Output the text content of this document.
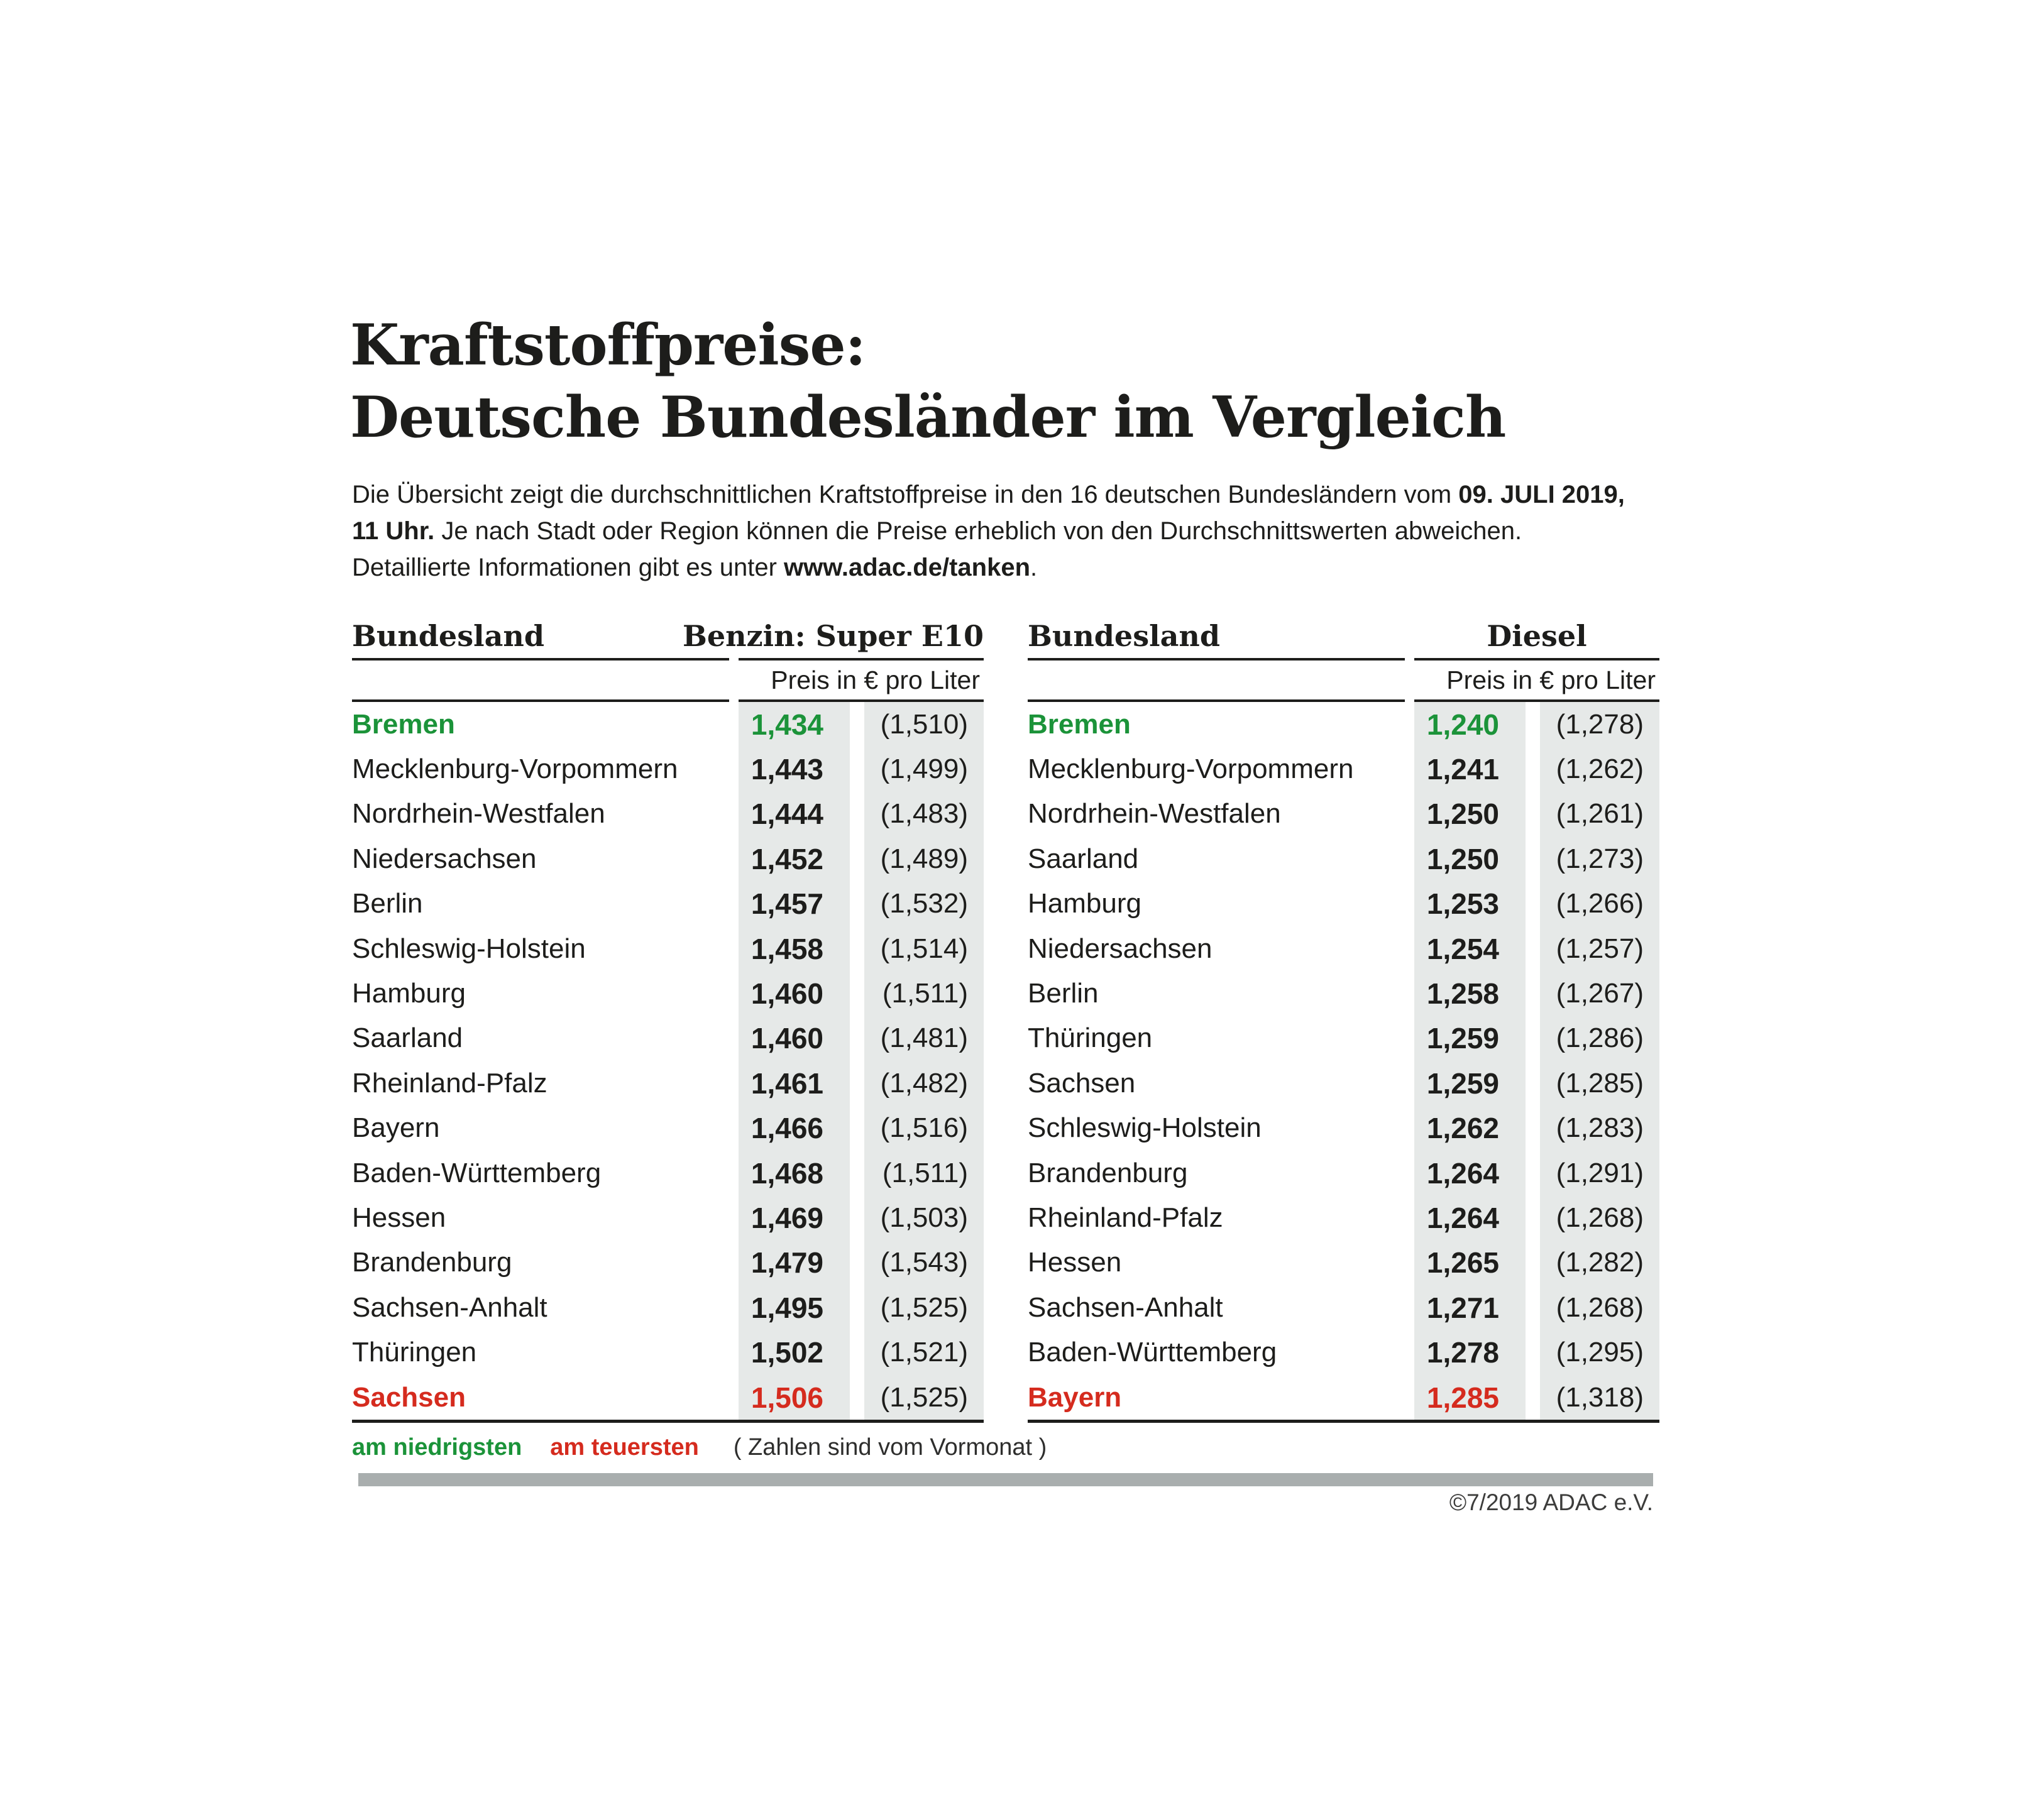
Kraftstoffpreise:
Deutsche Bundesländer im Vergleich

Die Übersicht zeigt die durchschnittlichen Kraftstoffpreise in den 16 deutschen Bundesländern vom 09. JULI 2019,
11 Uhr. Je nach Stadt oder Region können die Preise erheblich von den Durchschnittswerten abweichen.
Detaillierte Informationen gibt es unter www.adac.de/tanken.

Bundesland	Benzin: Super E10
Preis in € pro Liter
Bremen	1,434	(1,510)
Mecklenburg-Vorpommern	1,443	(1,499)
Nordrhein-Westfalen	1,444	(1,483)
Niedersachsen	1,452	(1,489)
Berlin	1,457	(1,532)
Schleswig-Holstein	1,458	(1,514)
Hamburg	1,460	(1,511)
Saarland	1,460	(1,481)
Rheinland-Pfalz	1,461	(1,482)
Bayern	1,466	(1,516)
Baden-Württemberg	1,468	(1,511)
Hessen	1,469	(1,503)
Brandenburg	1,479	(1,543)
Sachsen-Anhalt	1,495	(1,525)
Thüringen	1,502	(1,521)
Sachsen	1,506	(1,525)
Bundesland	Diesel
Preis in € pro Liter
Bremen	1,240	(1,278)
Mecklenburg-Vorpommern	1,241	(1,262)
Nordrhein-Westfalen	1,250	(1,261)
Saarland	1,250	(1,273)
Hamburg	1,253	(1,266)
Niedersachsen	1,254	(1,257)
Berlin	1,258	(1,267)
Thüringen	1,259	(1,286)
Sachsen	1,259	(1,285)
Schleswig-Holstein	1,262	(1,283)
Brandenburg	1,264	(1,291)
Rheinland-Pfalz	1,264	(1,268)
Hessen	1,265	(1,282)
Sachsen-Anhalt	1,271	(1,268)
Baden-Württemberg	1,278	(1,295)
Bayern	1,285	(1,318)
am niedrigsten am teuersten ( Zahlen sind vom Vormonat )
©7/2019 ADAC e.V.
